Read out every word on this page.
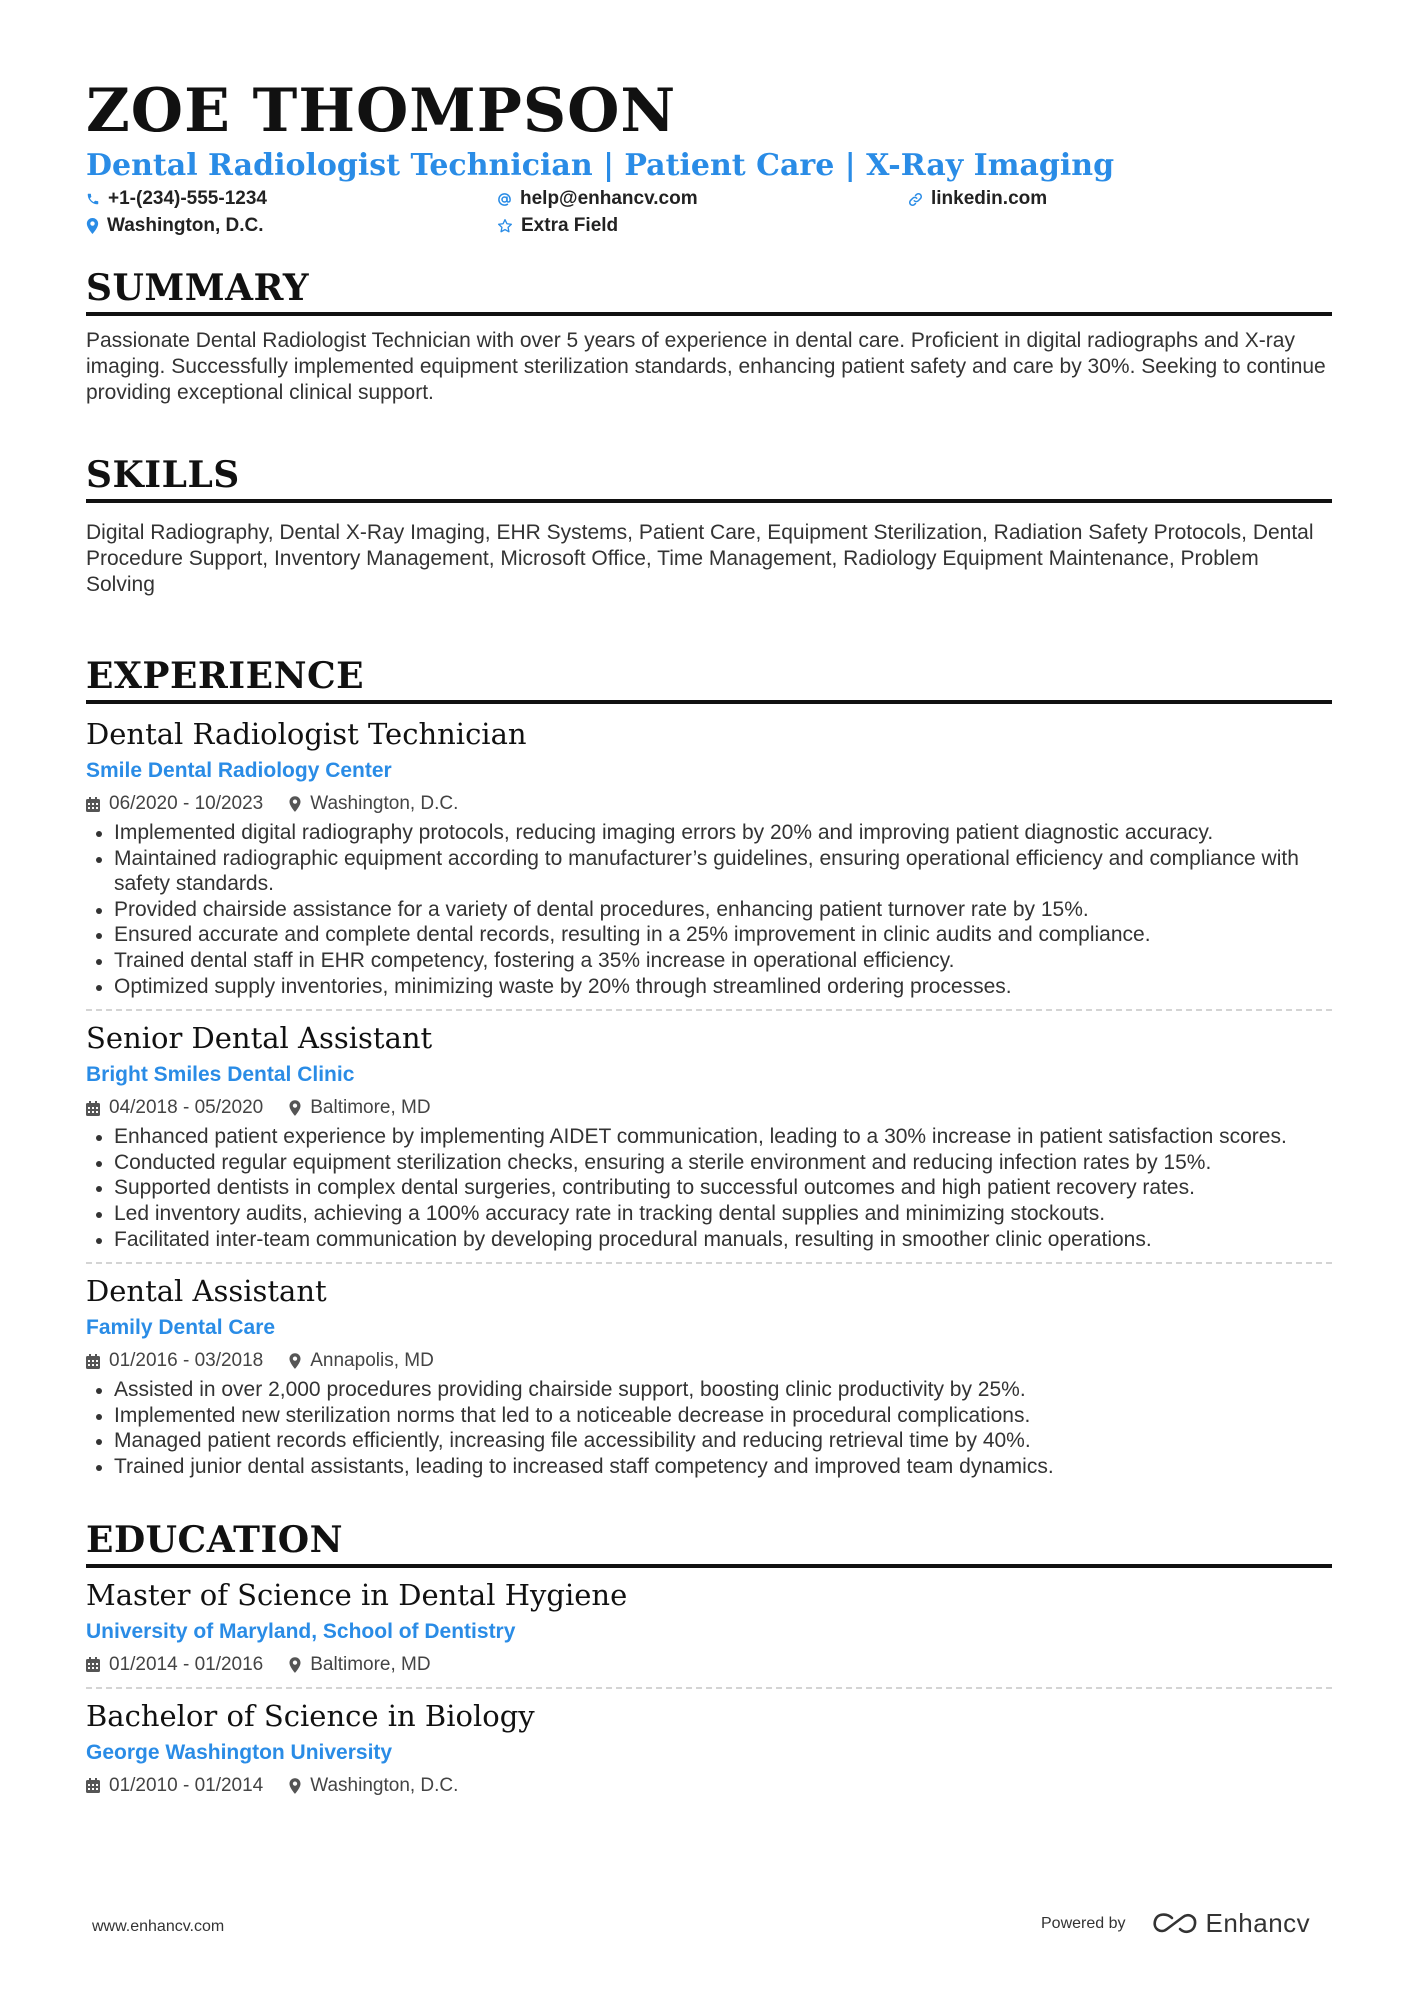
ZOE THOMPSON
Dental Radiologist Technician | Patient Care | X-Ray Imaging
+1-(234)-555-1234	help@enhancv.com	linkedin.com
Washington, D.C.	Extra Field
SUMMARY
Passionate Dental Radiologist Technician with over 5 years of experience in dental care. Proficient in digital radiographs and X-ray imaging. Successfully implemented equipment sterilization standards, enhancing patient safety and care by 30%. Seeking to continue providing exceptional clinical support.
SKILLS
Digital Radiography, Dental X-Ray Imaging, EHR Systems, Patient Care, Equipment Sterilization, Radiation Safety Protocols, Dental Procedure Support, Inventory Management, Microsoft Office, Time Management, Radiology Equipment Maintenance, Problem Solving
EXPERIENCE
Dental Radiologist Technician
Smile Dental Radiology Center
06/2020 - 10/2023 Washington, D.C.
Implemented digital radiography protocols, reducing imaging errors by 20% and improving patient diagnostic accuracy.
Maintained radiographic equipment according to manufacturer’s guidelines, ensuring operational efficiency and compliance with safety standards.
Provided chairside assistance for a variety of dental procedures, enhancing patient turnover rate by 15%.
Ensured accurate and complete dental records, resulting in a 25% improvement in clinic audits and compliance.
Trained dental staff in EHR competency, fostering a 35% increase in operational efficiency.
Optimized supply inventories, minimizing waste by 20% through streamlined ordering processes.
Senior Dental Assistant
Bright Smiles Dental Clinic
04/2018 - 05/2020 Baltimore, MD
Enhanced patient experience by implementing AIDET communication, leading to a 30% increase in patient satisfaction scores.
Conducted regular equipment sterilization checks, ensuring a sterile environment and reducing infection rates by 15%.
Supported dentists in complex dental surgeries, contributing to successful outcomes and high patient recovery rates.
Led inventory audits, achieving a 100% accuracy rate in tracking dental supplies and minimizing stockouts.
Facilitated inter-team communication by developing procedural manuals, resulting in smoother clinic operations.
Dental Assistant
Family Dental Care
01/2016 - 03/2018 Annapolis, MD
Assisted in over 2,000 procedures providing chairside support, boosting clinic productivity by 25%.
Implemented new sterilization norms that led to a noticeable decrease in procedural complications.
Managed patient records efficiently, increasing file accessibility and reducing retrieval time by 40%.
Trained junior dental assistants, leading to increased staff competency and improved team dynamics.
EDUCATION
Master of Science in Dental Hygiene
University of Maryland, School of Dentistry
01/2014 - 01/2016 Baltimore, MD
Bachelor of Science in Biology
George Washington University
01/2010 - 01/2014 Washington, D.C.
www.enhancv.com	Powered by	Enhancv
